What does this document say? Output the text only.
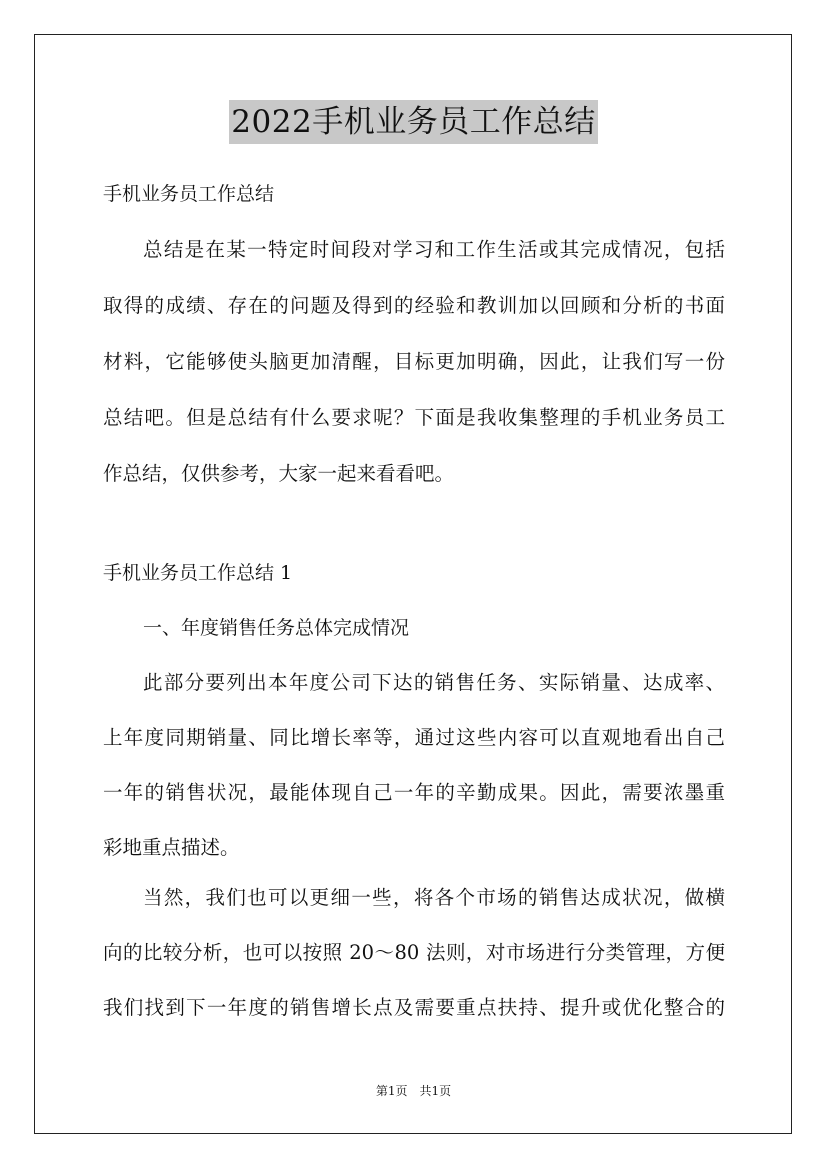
2022手机业务员工作总结
手机业务员工作总结
总结是在某一特定时间段对学习和工作生活或其完成情况，包括
取得的成绩、存在的问题及得到的经验和教训加以回顾和分析的书面
材料，它能够使头脑更加清醒，目标更加明确，因此，让我们写一份
总结吧。但是总结有什么要求呢？下面是我收集整理的手机业务员工
作总结，仅供参考，大家一起来看看吧。
手机业务员工作总结 1
一、年度销售任务总体完成情况
此部分要列出本年度公司下达的销售任务、实际销量、达成率、
上年度同期销量、同比增长率等，通过这些内容可以直观地看出自己
一年的销售状况，最能体现自己一年的辛勤成果。因此，需要浓墨重
彩地重点描述。
当然，我们也可以更细一些，将各个市场的销售达成状况，做横
向的比较分析，也可以按照 20～80 法则，对市场进行分类管理，方便
我们找到下一年度的销售增长点及需要重点扶持、提升或优化整合的
第1页　共1页
